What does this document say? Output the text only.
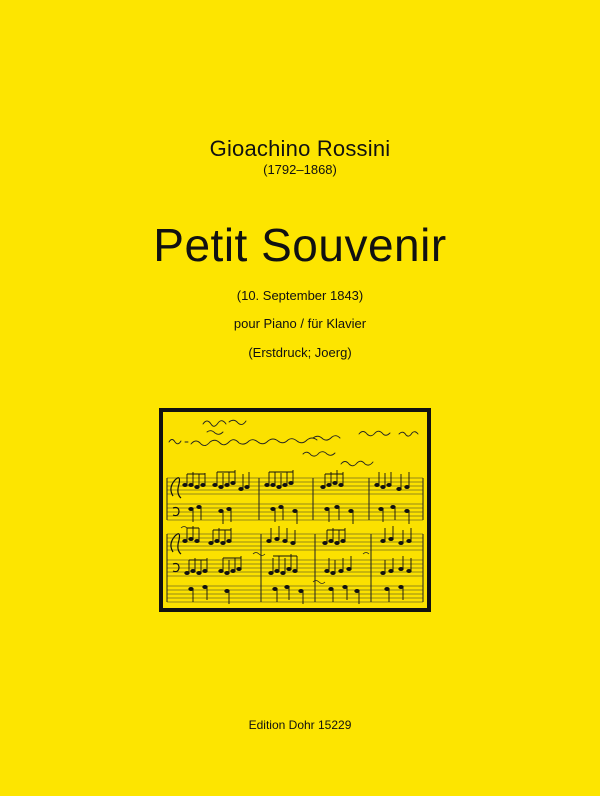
Gioachino Rossini
(1792–1868)
Petit Souvenir
(10. September 1843)
pour Piano / für Klavier
(Erstdruck; Joerg)
Edition Dohr 15229
